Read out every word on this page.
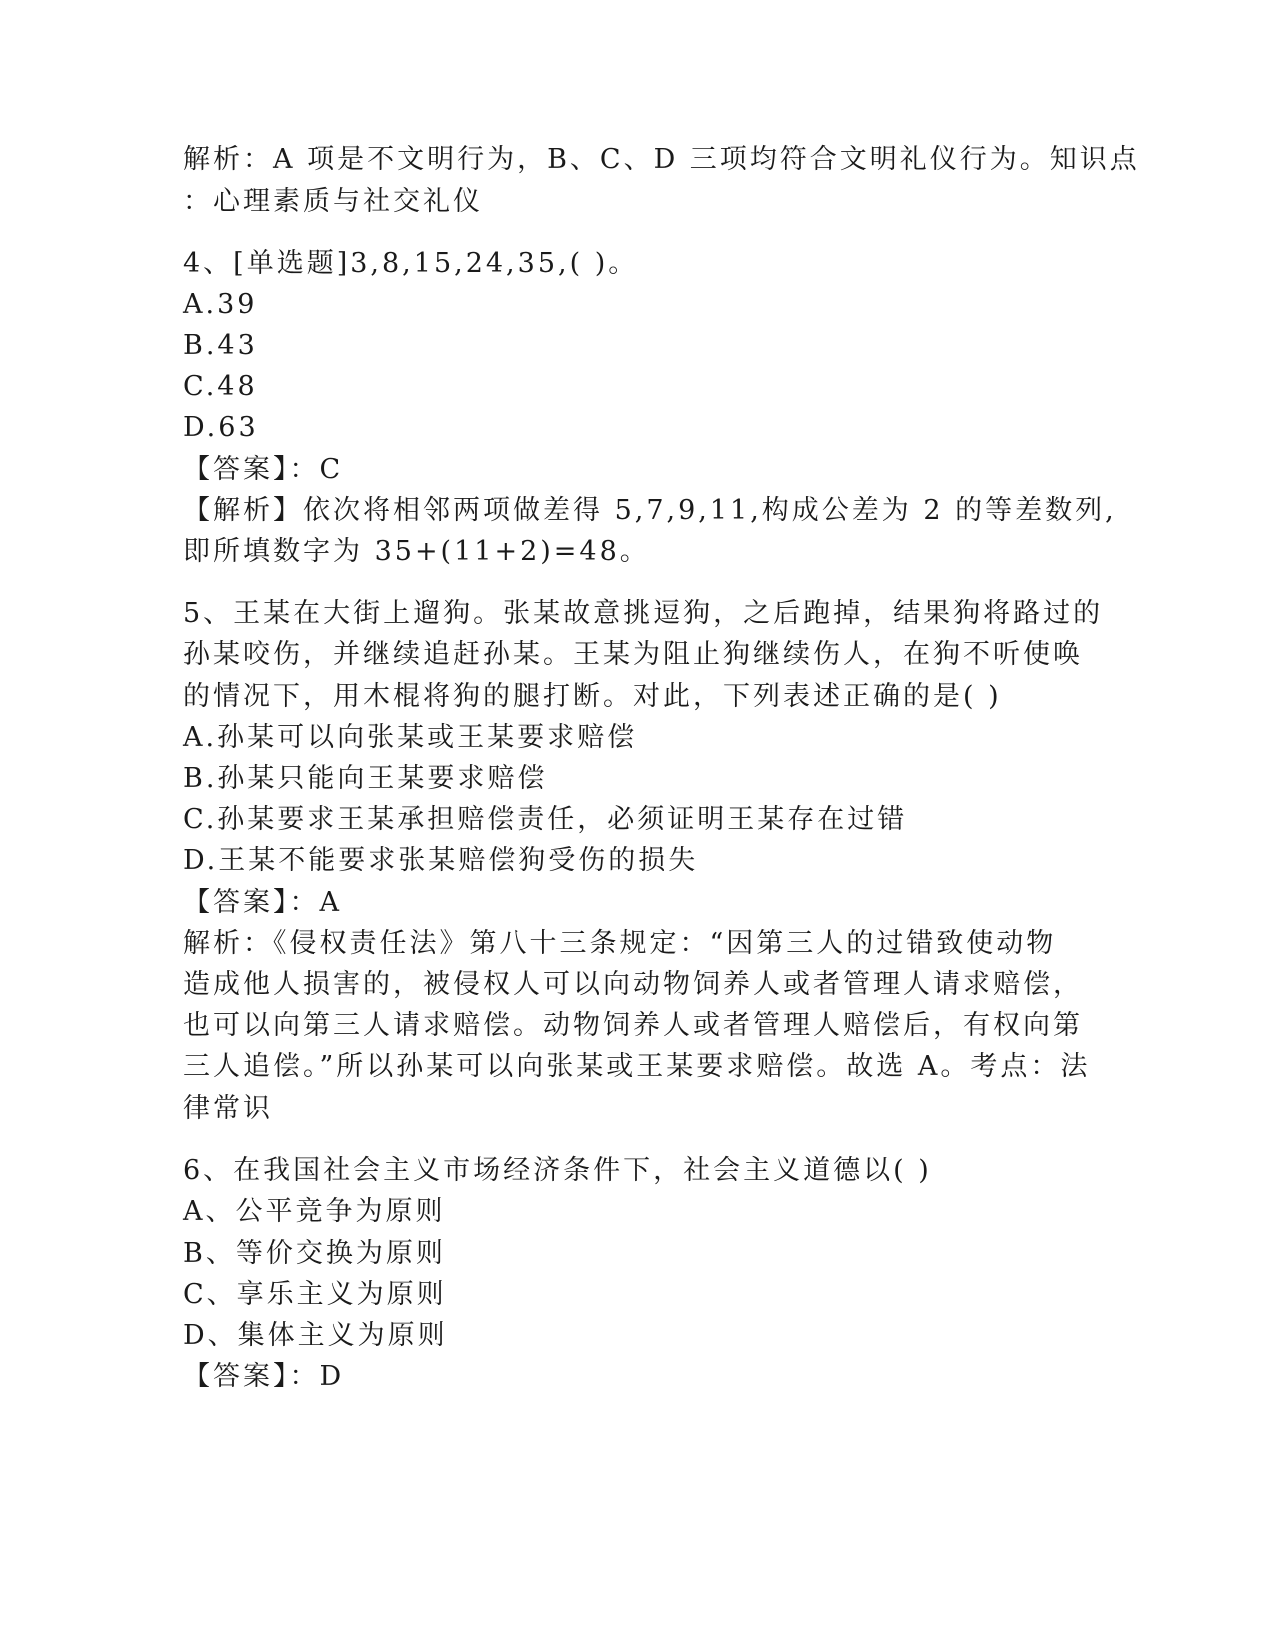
解析：A 项是不文明行为，B、C、D 三项均符合文明礼仪行为。知识点
：心理素质与社交礼仪
4、[单选题]3,8,15,24,35,( )。
A.39
B.43
C.48
D.63
【答案】：C
【解析】依次将相邻两项做差得 5,7,9,11,构成公差为 2 的等差数列,
即所填数字为 35+(11+2)=48。
5、王某在大街上遛狗。张某故意挑逗狗，之后跑掉，结果狗将路过的
孙某咬伤，并继续追赶孙某。王某为阻止狗继续伤人，在狗不听使唤
的情况下，用木棍将狗的腿打断。对此，下列表述正确的是( )
A.孙某可以向张某或王某要求赔偿
B.孙某只能向王某要求赔偿
C.孙某要求王某承担赔偿责任，必须证明王某存在过错
D.王某不能要求张某赔偿狗受伤的损失
【答案】：A
解析：《侵权责任法》第八十三条规定：“因第三人的过错致使动物
造成他人损害的，被侵权人可以向动物饲养人或者管理人请求赔偿，
也可以向第三人请求赔偿。动物饲养人或者管理人赔偿后，有权向第
三人追偿。”所以孙某可以向张某或王某要求赔偿。故选 A。考点：法
律常识
6、在我国社会主义市场经济条件下，社会主义道德以( )
A、公平竞争为原则
B、等价交换为原则
C、享乐主义为原则
D、集体主义为原则
【答案】：D
